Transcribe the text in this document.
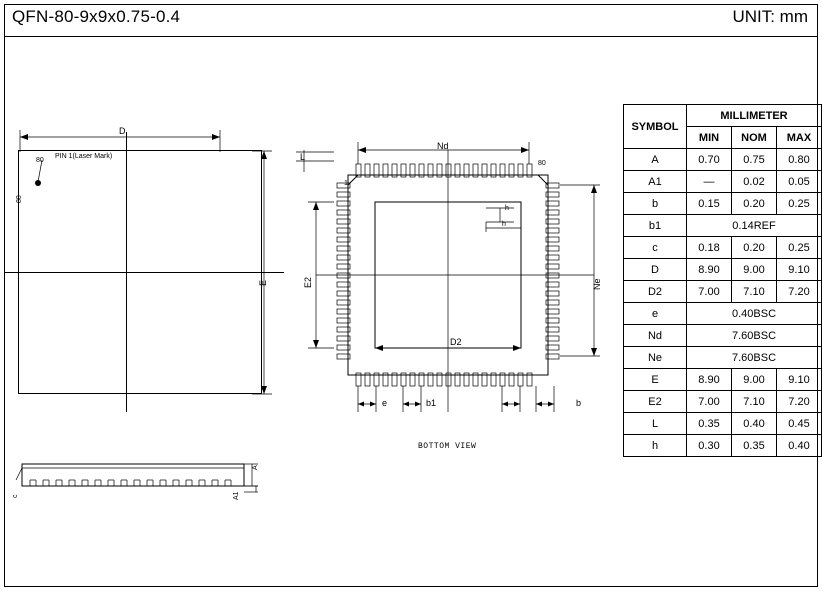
QFN-80-9x9x0.75-0.4	UNIT: mm
D
E
PIN 1(Laser Mark)
80
80
c
A
A1
Nd
Ne
E2
D2
e	b1	b
L
h
h
1
80
BOTTOM VIEW
SYMBOL	MILLIMETER		
	MIN	NOM	MAX
A	0.70	0.75	0.80
A1	—	0.02	0.05
b	0.15	0.20	0.25
b1	0.14REF		
c	0.18	0.20	0.25
D	8.90	9.00	9.10
D2	7.00	7.10	7.20
e	0.40BSC		
Nd	7.60BSC		
Ne	7.60BSC		
E	8.90	9.00	9.10
E2	7.00	7.10	7.20
L	0.35	0.40	0.45
h	0.30	0.35	0.40
